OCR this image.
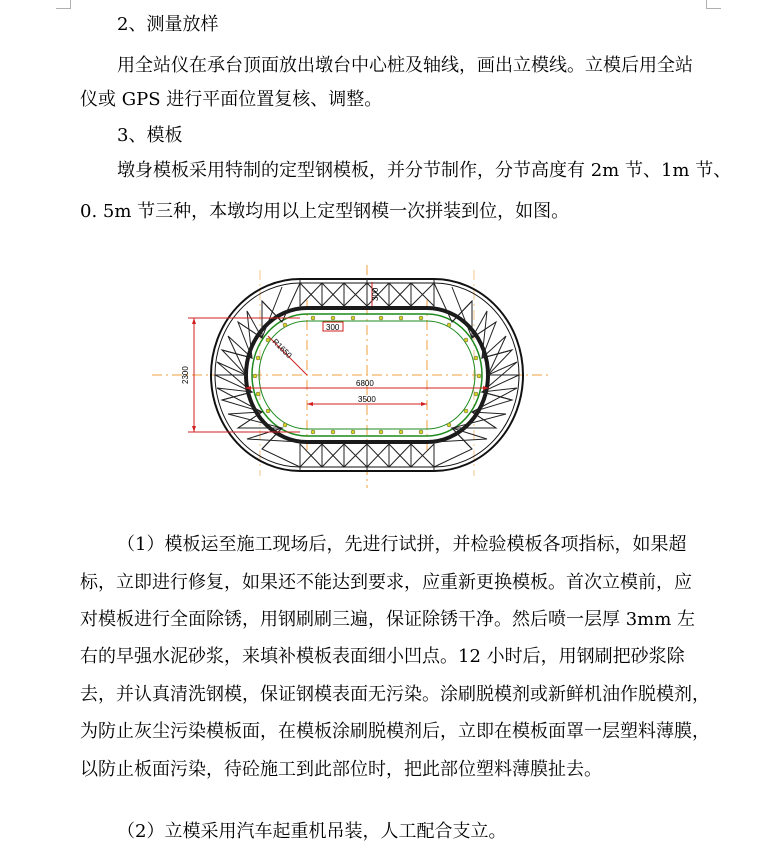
2、测量放样
用全站仪在承台顶面放出墩台中心桩及轴线，画出立模线。立模后用全站
仪或 GPS 进行平面位置复核、调整。
3、模板
墩身模板采用特制的定型钢模板，并分节制作，分节高度有 2m 节、1m 节、
0. 5m 节三种，本墩均用以上定型钢模一次拼装到位，如图。
6800
3500
300
2300
300
R1650
（1）模板运至施工现场后，先进行试拼，并检验模板各项指标，如果超
标，立即进行修复，如果还不能达到要求，应重新更换模板。首次立模前，应
对模板进行全面除锈，用钢刷刷三遍，保证除锈干净。然后喷一层厚 3mm 左
右的早强水泥砂浆，来填补模板表面细小凹点。12 小时后，用钢刷把砂浆除
去，并认真清洗钢模，保证钢模表面无污染。涂刷脱模剂或新鲜机油作脱模剂，
为防止灰尘污染模板面，在模板涂刷脱模剂后，立即在模板面罩一层塑料薄膜，
以防止板面污染，待砼施工到此部位时，把此部位塑料薄膜扯去。
（2）立模采用汽车起重机吊装，人工配合支立。
